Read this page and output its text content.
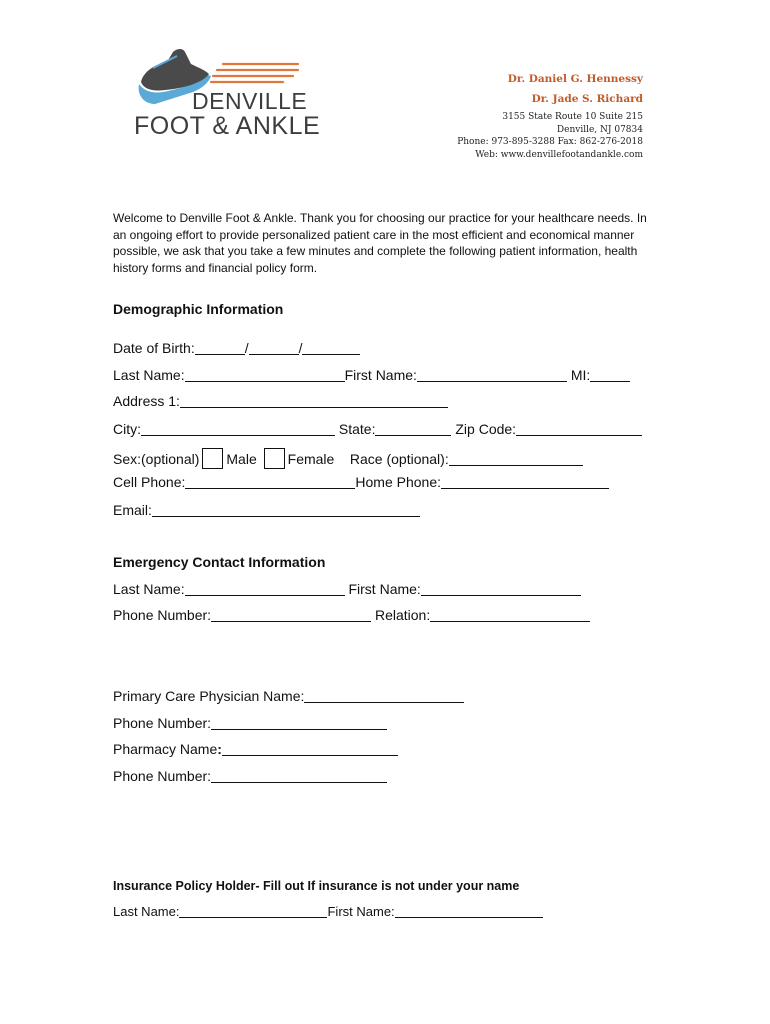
DENVILLE
FOOT & ANKLE
Dr. Daniel G. Hennessy
Dr. Jade S. Richard
3155 State Route 10 Suite 215
Denville, NJ 07834
Phone: 973-895-3288 Fax: 862-276-2018
Web: www.denvillefootandankle.com
Welcome to Denville Foot & Ankle. Thank you for choosing our practice for your healthcare needs. In an ongoing effort to provide personalized patient care in the most efficient and economical manner possible, we ask that you take a few minutes and complete the following patient information, health history forms and financial policy form.
Demographic Information
Date of Birth:	/	/
Last Name:	First Name:	MI:
Address 1:
City:	State:	Zip Code:
Sex:(optional) Male Female Race (optional):
Cell Phone:	Home Phone:
Email:
Emergency Contact Information
Last Name:	First Name:
Phone Number:	Relation:
Primary Care Physician Name:
Phone Number:
Pharmacy Name:
Phone Number:
Insurance Policy Holder- Fill out If insurance is not under your name
Last Name:	First Name:
